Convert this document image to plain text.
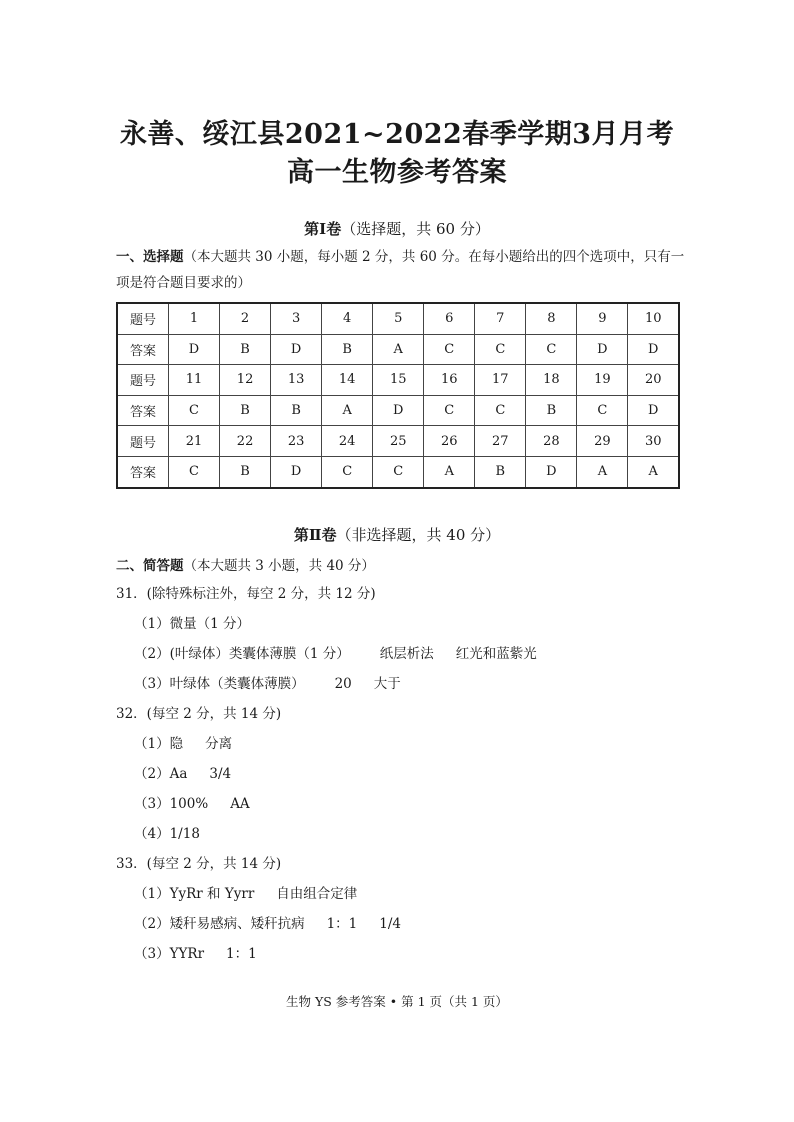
永善、绥江县2021~2022春季学期3月月考
高一生物参考答案
第Ⅰ卷（选择题，共 60 分）
一、选择题（本大题共 30 小题，每小题 2 分，共 60 分。在每小题给出的四个选项中，只有一项是符合题目要求的）
题号	1	2	3	4	5	6	7	8	9	10
答案	D	B	D	B	A	C	C	C	D	D
题号	11	12	13	14	15	16	17	18	19	20
答案	C	B	B	A	D	C	C	B	C	D
题号	21	22	23	24	25	26	27	28	29	30
答案	C	B	D	C	C	A	B	D	A	A
第Ⅱ卷（非选择题，共 40 分）
二、简答题（本大题共 3 小题，共 40 分）
31．(除特殊标注外，每空 2 分，共 12 分)
（1）微量（1 分）
（2）(叶绿体）类囊体薄膜（1 分） 纸层析法 红光和蓝紫光
（3）叶绿体（类囊体薄膜） 20 大于
32．(每空 2 分，共 14 分)
（1）隐 分离
（2）Aa 3/4
（3）100% AA
（4）1/18
33．(每空 2 分，共 14 分)
（1）YyRr 和 Yyrr 自由组合定律
（2）矮秆易感病、矮秆抗病 1：1 1/4
（3）YYRr 1：1
生物 YS 参考答案 • 第 1 页（共 1 页）
